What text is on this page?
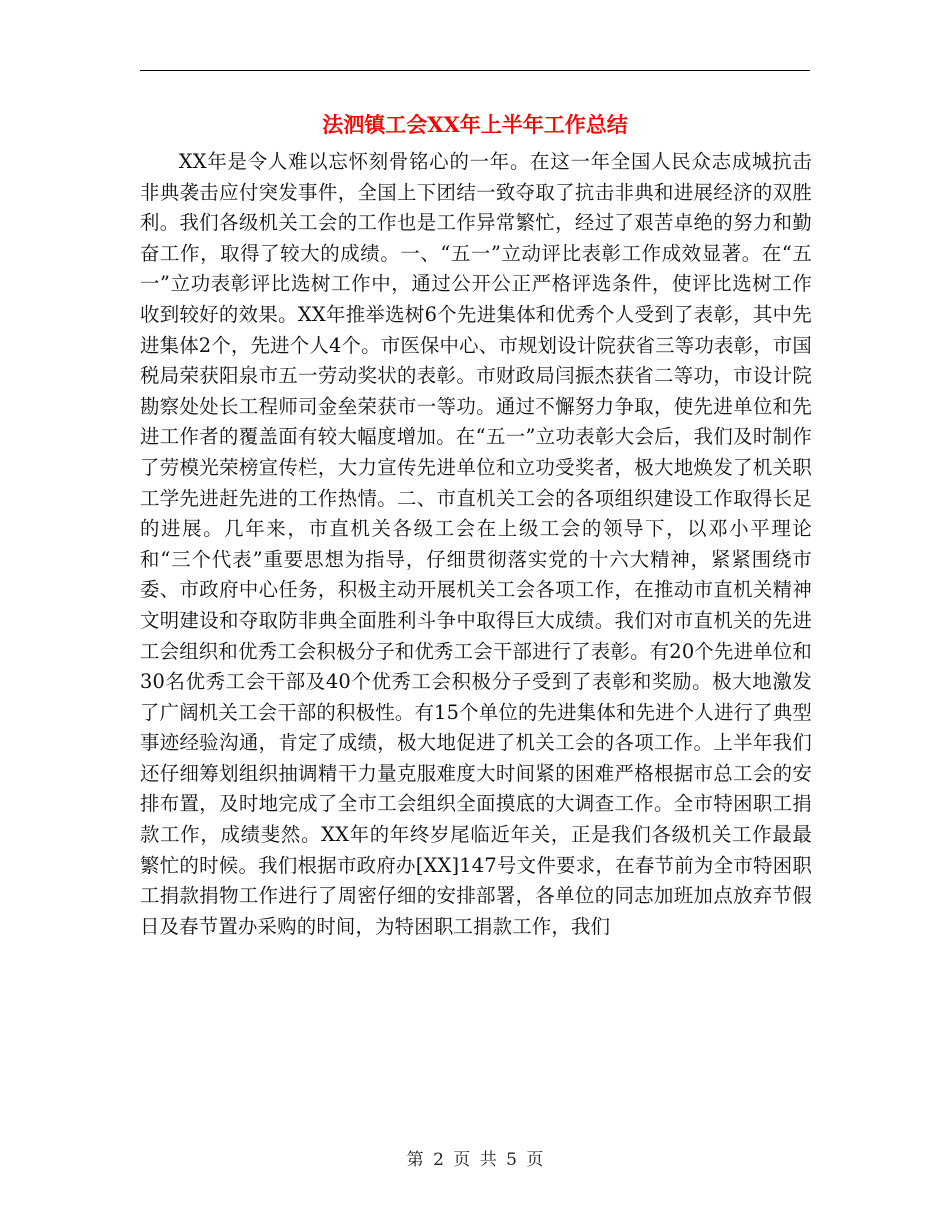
法泗镇工会XX年上半年工作总结

XX年是令人难以忘怀刻骨铭心的一年。在这一年全国人民众志成城抗击非典袭击应付突发事件，全国上下团结一致夺取了抗击非典和进展经济的双胜利。我们各级机关工会的工作也是工作异常繁忙，经过了艰苦卓绝的努力和勤奋工作，取得了较大的成绩。一、“五一”立动评比表彰工作成效显著。在“五一”立功表彰评比选树工作中，通过公开公正严格评选条件，使评比选树工作收到较好的效果。XX年推举选树6个先进集体和优秀个人受到了表彰，其中先进集体2个，先进个人4个。市医保中心、市规划设计院获省三等功表彰，市国税局荣获阳泉市五一劳动奖状的表彰。市财政局闫振杰获省二等功，市设计院勘察处处长工程师司金垒荣获市一等功。通过不懈努力争取，使先进单位和先进工作者的覆盖面有较大幅度增加。在“五一”立功表彰大会后，我们及时制作了劳模光荣榜宣传栏，大力宣传先进单位和立功受奖者，极大地焕发了机关职工学先进赶先进的工作热情。二、市直机关工会的各项组织建设工作取得长足的进展。几年来，市直机关各级工会在上级工会的领导下，以邓小平理论和“三个代表”重要思想为指导，仔细贯彻落实党的十六大精神，紧紧围绕市委、市政府中心任务，积极主动开展机关工会各项工作，在推动市直机关精神文明建设和夺取防非典全面胜利斗争中取得巨大成绩。我们对市直机关的先进工会组织和优秀工会积极分子和优秀工会干部进行了表彰。有20个先进单位和30名优秀工会干部及40个优秀工会积极分子受到了表彰和奖励。极大地激发了广阔机关工会干部的积极性。有15个单位的先进集体和先进个人进行了典型事迹经验沟通，肯定了成绩，极大地促进了机关工会的各项工作。上半年我们还仔细筹划组织抽调精干力量克服难度大时间紧的困难严格根据市总工会的安排布置，及时地完成了全市工会组织全面摸底的大调查工作。全市特困职工捐款工作，成绩斐然。XX年的年终岁尾临近年关，正是我们各级机关工作最最繁忙的时候。我们根据市政府办[XX]147号文件要求，在春节前为全市特困职工捐款捐物工作进行了周密仔细的安排部署，各单位的同志加班加点放弃节假日及春节置办采购的时间，为特困职工捐款工作，我们

第 2 页 共 5 页
